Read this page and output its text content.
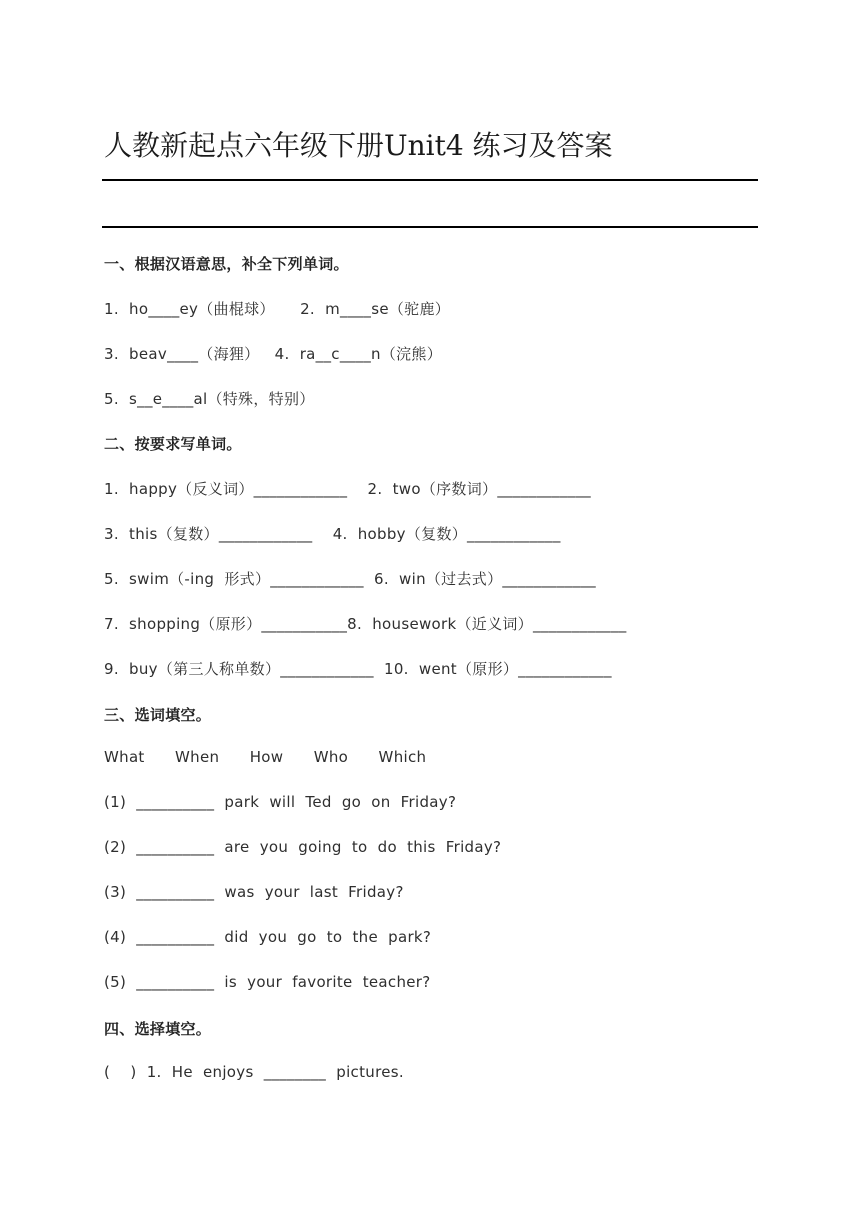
人教新起点六年级下册Unit4 练习及答案
一、根据汉语意思，补全下列单词。
1.  ho____ey（曲棍球）     2.  m____se（驼鹿）
3.  beav____（海狸）   4.  ra__c____n（浣熊）
5.  s__e____al（特殊，特别）
二、按要求写单词。
1.  happy（反义词）____________    2.  two（序数词）____________
3.  this（复数）____________    4.  hobby（复数）____________
5.  swim（-ing  形式）____________  6.  win（过去式）____________
7.  shopping（原形）___________8.  housework（近义词）____________
9.  buy（第三人称单数）____________  10.  went（原形）____________
三、选词填空。
What      When      How      Who      Which
(1)  __________  park  will  Ted  go  on  Friday?
(2)  __________  are  you  going  to  do  this  Friday?
(3)  __________  was  your  last  Friday?
(4)  __________  did  you  go  to  the  park?
(5)  __________  is  your  favorite  teacher?
四、选择填空。
(    )  1.  He  enjoys  ________  pictures.
